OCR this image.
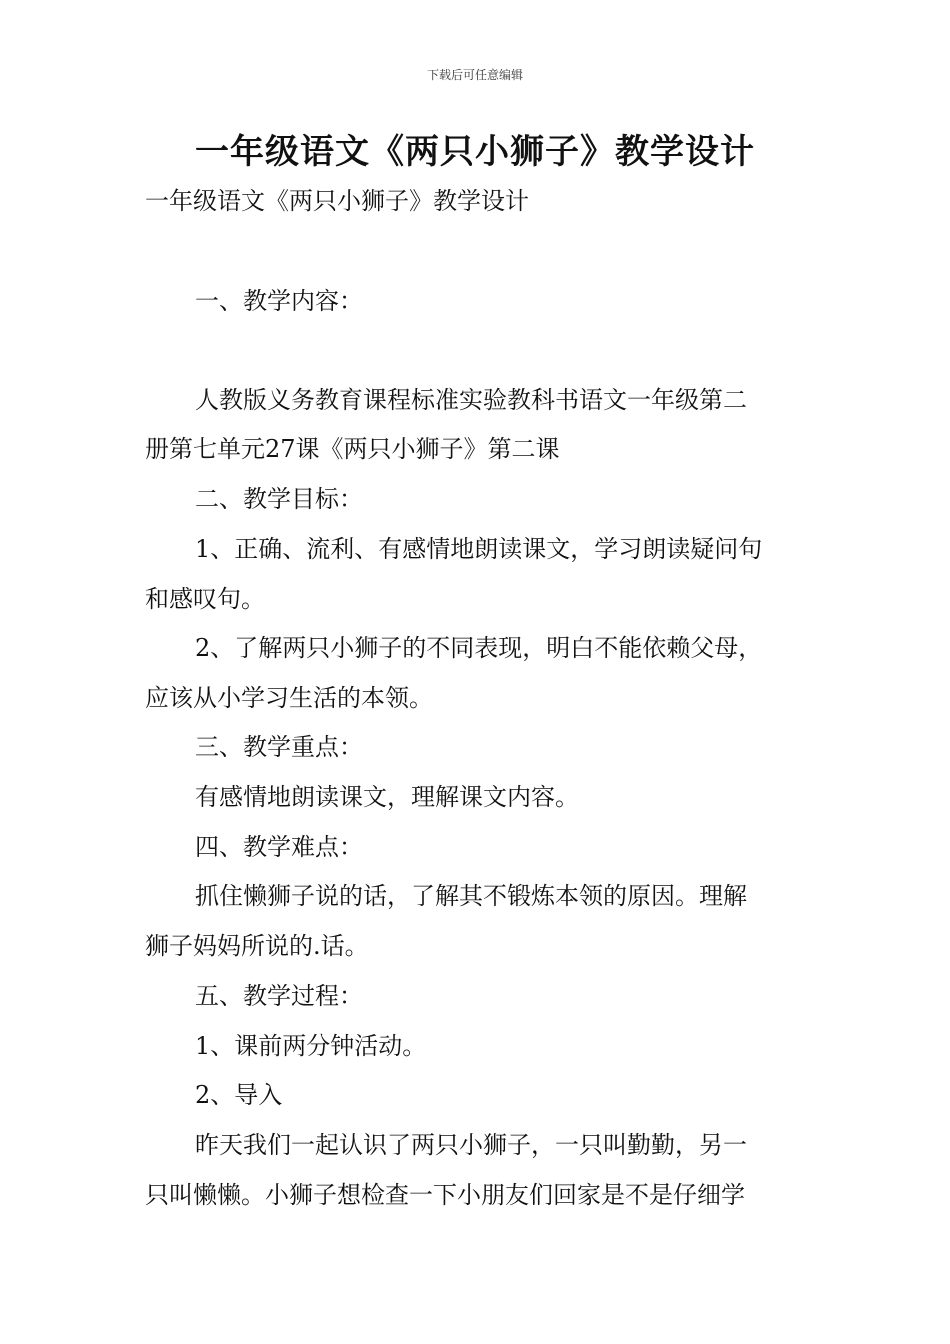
下载后可任意编辑
一年级语文《两只小狮子》教学设计

一年级语文《两只小狮子》教学设计

一、教学内容：

人教版义务教育课程标准实验教科书语文一年级第二

册第七单元27课《两只小狮子》第二课

二、教学目标：

1、正确、流利、有感情地朗读课文，学习朗读疑问句

和感叹句。

2、了解两只小狮子的不同表现，明白不能依赖父母，

应该从小学习生活的本领。

三、教学重点：

有感情地朗读课文，理解课文内容。

四、教学难点：

抓住懒狮子说的话，了解其不锻炼本领的原因。理解

狮子妈妈所说的.话。

五、教学过程：

1、课前两分钟活动。

2、导入

昨天我们一起认识了两只小狮子，一只叫勤勤，另一

只叫懒懒。小狮子想检查一下小朋友们回家是不是仔细学
